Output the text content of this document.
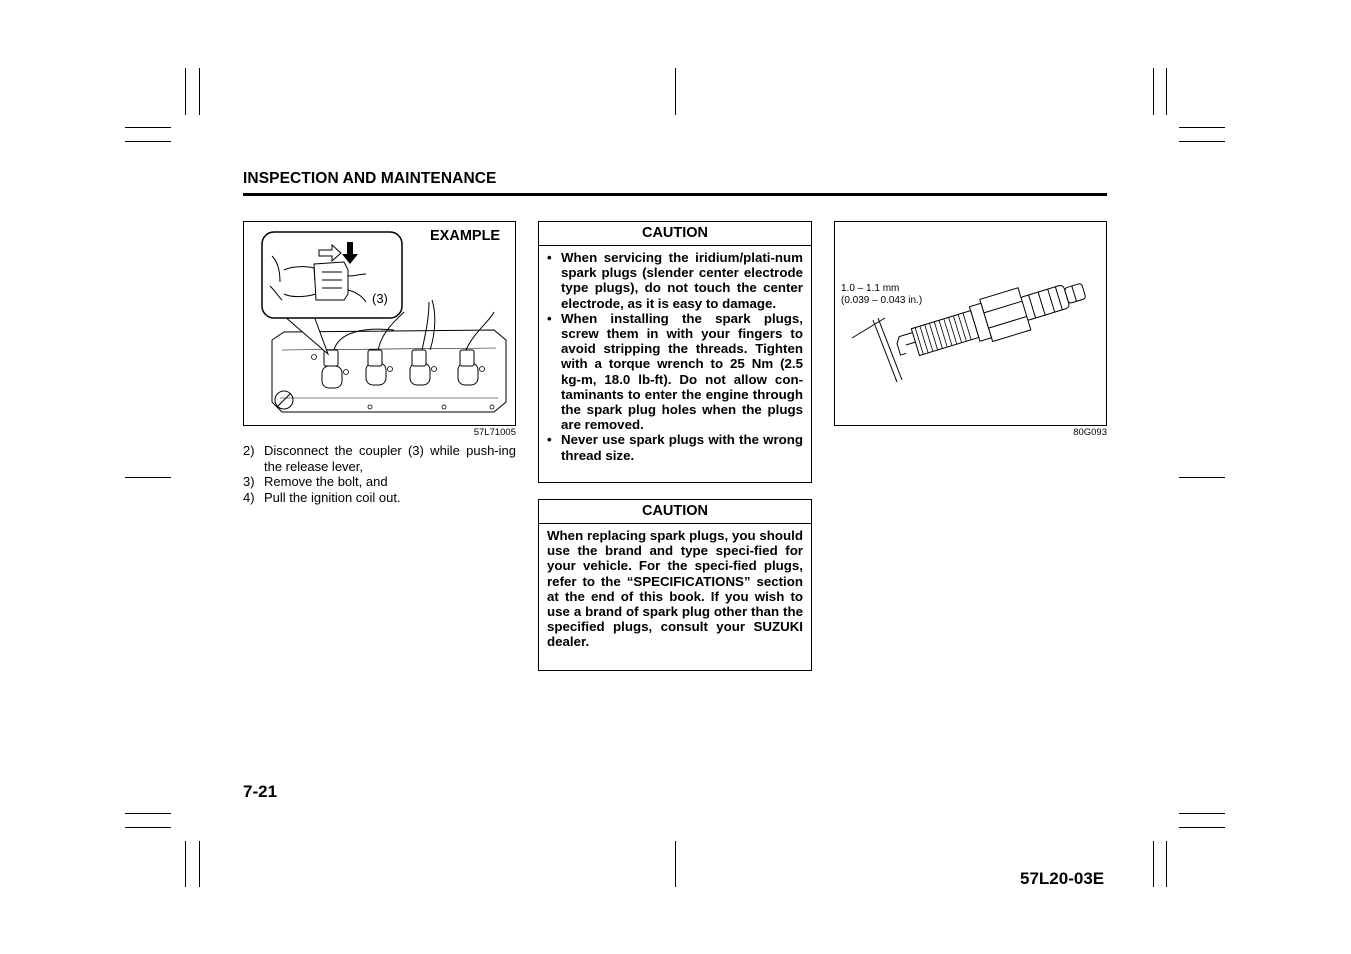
INSPECTION AND MAINTENANCE
EXAMPLE
(3)
57L71005
2) Disconnect the coupler (3) while push-ing the release lever,
3) Remove the bolt, and
4) Pull the ignition coil out.
CAUTION
• When servicing the iridium/plati-num spark plugs (slender center electrode type plugs), do not touch the center electrode, as it is easy to damage.
• When installing the spark plugs, screw them in with your fingers to avoid stripping the threads. Tighten with a torque wrench to 25 Nm (2.5 kg-m, 18.0 lb-ft). Do not allow con-taminants to enter the engine through the spark plug holes when the plugs are removed.
• Never use spark plugs with the wrong thread size.
CAUTION
When replacing spark plugs, you should use the brand and type speci-fied for your vehicle. For the speci-fied plugs, refer to the “SPECIFICATIONS” section at the end of this book. If you wish to use a brand of spark plug other than the specified plugs, consult your SUZUKI dealer.
1.0 – 1.1 mm
(0.039 – 0.043 in.)
80G093
7-21
57L20-03E
